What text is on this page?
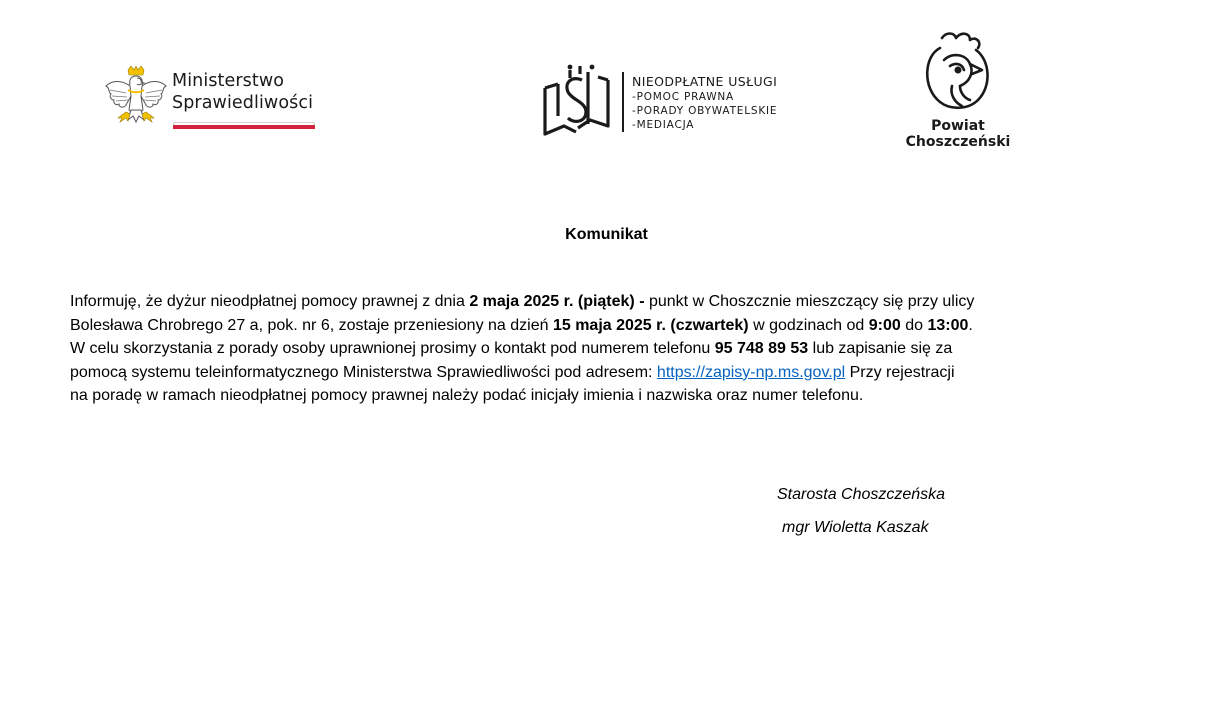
Ministerstwo
Sprawiedliwości
NIEODPŁATNE USŁUGI
-POMOC PRAWNA
-PORADY OBYWATELSKIE
-MEDIACJA	Powiat
Choszczeński
Komunikat
Informuję, że dyżur nieodpłatnej pomocy prawnej z dnia 2 maja 2025 r. (piątek) - punkt w Choszcznie mieszczący się przy ulicy
Bolesława Chrobrego 27 a, pok. nr 6, zostaje przeniesiony na dzień 15 maja 2025 r. (czwartek) w godzinach od 9:00 do 13:00.
W celu skorzystania z porady osoby uprawnionej prosimy o kontakt pod numerem telefonu 95 748 89 53 lub zapisanie się za
pomocą systemu teleinformatycznego Ministerstwa Sprawiedliwości pod adresem: https://zapisy-np.ms.gov.pl Przy rejestracji
na poradę w ramach nieodpłatnej pomocy prawnej należy podać inicjały imienia i nazwiska oraz numer telefonu.
Starosta Choszczeńska
mgr Wioletta Kaszak
